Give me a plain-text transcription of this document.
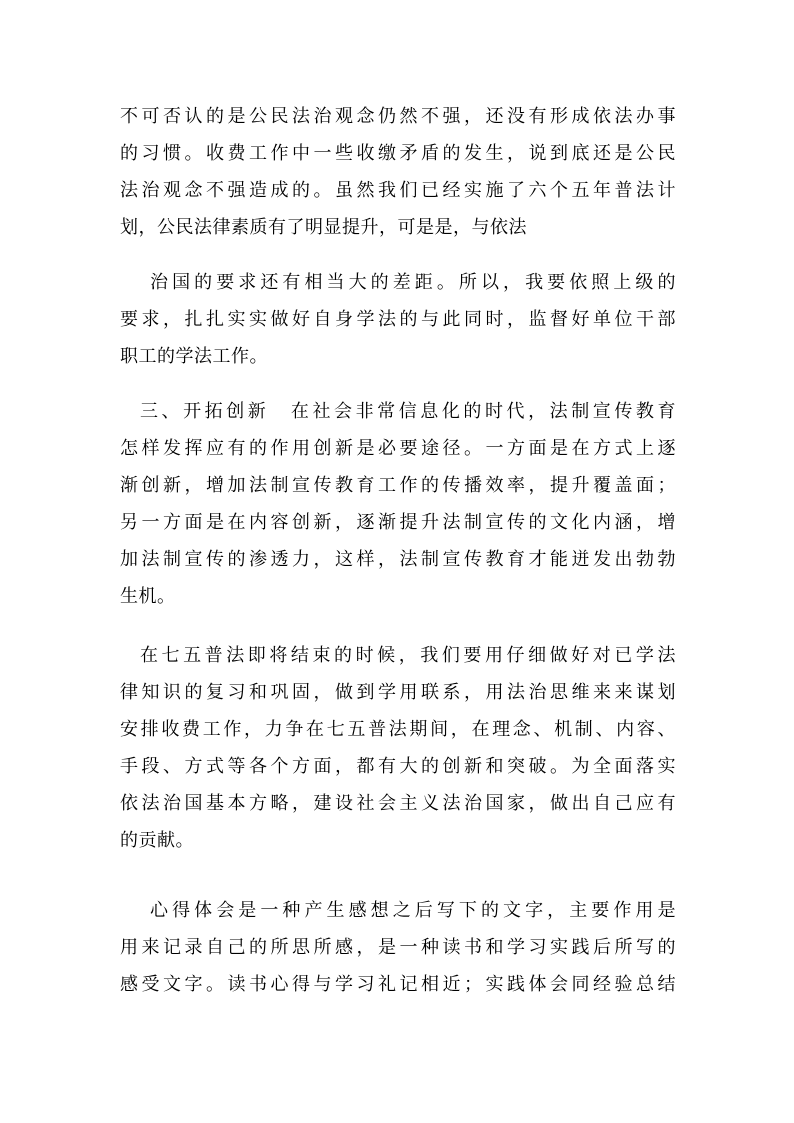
不可否认的是公民法治观念仍然不强，还没有形成依法办事
的习惯。收费工作中一些收缴矛盾的发生，说到底还是公民
法治观念不强造成的。虽然我们已经实施了六个五年普法计
划，公民法律素质有了明显提升，可是是，与依法
治国的要求还有相当大的差距。所以，我要依照上级的
要求，扎扎实实做好自身学法的与此同时，监督好单位干部
职工的学法工作。
三、开拓创新　在社会非常信息化的时代，法制宣传教育
怎样发挥应有的作用创新是必要途径。一方面是在方式上逐
渐创新，增加法制宣传教育工作的传播效率，提升覆盖面；
另一方面是在内容创新，逐渐提升法制宣传的文化内涵，增
加法制宣传的渗透力，这样，法制宣传教育才能迸发出勃勃
生机。
在七五普法即将结束的时候，我们要用仔细做好对已学法
律知识的复习和巩固，做到学用联系，用法治思维来来谋划
安排收费工作，力争在七五普法期间，在理念、机制、内容、
手段、方式等各个方面，都有大的创新和突破。为全面落实
依法治国基本方略，建设社会主义法治国家，做出自己应有
的贡献。
心得体会是一种产生感想之后写下的文字，主要作用是
用来记录自己的所思所感，是一种读书和学习实践后所写的
感受文字。读书心得与学习礼记相近；实践体会同经验总结
